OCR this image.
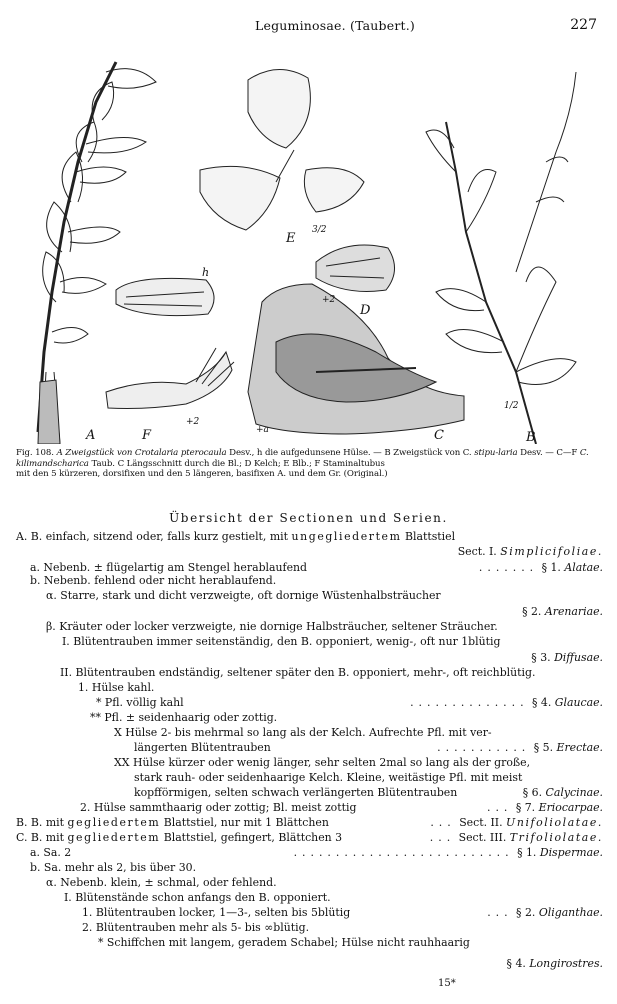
Leguminosae. (Taubert.)	227
A	F	C	B
D
E
h
3/2
+2
+2
1/2
+a
Fig. 108. A Zweigstück von Crotalaria pterocaula Desv., h die aufgedunsene Hülse. — B Zweigstück von C. stipu-laria Desv. — C—F C. kilimandscharica Taub. C Längsschnitt durch die Bl.; D Kelch; E Blb.; F Staminaltubus
mit den 5 kürzeren, dorsifixen und den 5 längeren, basifixen A. und dem Gr. (Original.)
Übersicht der Sectionen und Serien.
A. B. einfach, sitzend oder, falls kurz gestielt, mit ungegliedertem Blattstiel
Sect. I. Simplicifoliae.
a. Nebenb. ± flügelartig am Stengel herablaufend	....... § 1. Alatae.
b. Nebenb. fehlend oder nicht herablaufend.
α. Starre, stark und dicht verzweigte, oft dornige Wüstenhalbsträucher
§ 2. Arenariae.
β. Kräuter oder locker verzweigte, nie dornige Halbsträucher, seltener Sträucher.
I. Blütentrauben immer seitenständig, den B. opponiert, wenig-, oft nur 1blütig
§ 3. Diffusae.
II. Blütentrauben endständig, seltener später den B. opponiert, mehr-, oft reichblütig.
1. Hülse kahl.
* Pfl. völlig kahl	.............. § 4. Glaucae.
** Pfl. ± seidenhaarig oder zottig.
X Hülse 2- bis mehrmal so lang als der Kelch. Aufrechte Pfl. mit ver-
längerten Blütentrauben	........... § 5. Erectae.
XX Hülse kürzer oder wenig länger, sehr selten 2mal so lang als der große,
stark rauh- oder seidenhaarige Kelch. Kleine, weitästige Pfl. mit meist
kopfförmigen, selten schwach verlängerten Blütentrauben	§ 6. Calycinae.
2. Hülse sammthaarig oder zottig; Bl. meist zottig	... § 7. Eriocarpae.
B. B. mit gegliedertem Blattstiel, nur mit 1 Blättchen	... Sect. II. Unifoliolatae.
C. B. mit gegliedertem Blattstiel, gefingert, Blättchen 3	... Sect. III. Trifoliolatae.
a. Sa. 2	.......................... § 1. Dispermae.
b. Sa. mehr als 2, bis über 30.
α. Nebenb. klein, ± schmal, oder fehlend.
I. Blütenstände schon anfangs den B. opponiert.
1. Blütentrauben locker, 1—3-, selten bis 5blütig	... § 2. Oliganthae.
2. Blütentrauben mehr als 5- bis ∞blütig.
* Schiffchen mit langem, geradem Schabel; Hülse nicht rauhhaarig
§ 4. Longirostres.
15*
